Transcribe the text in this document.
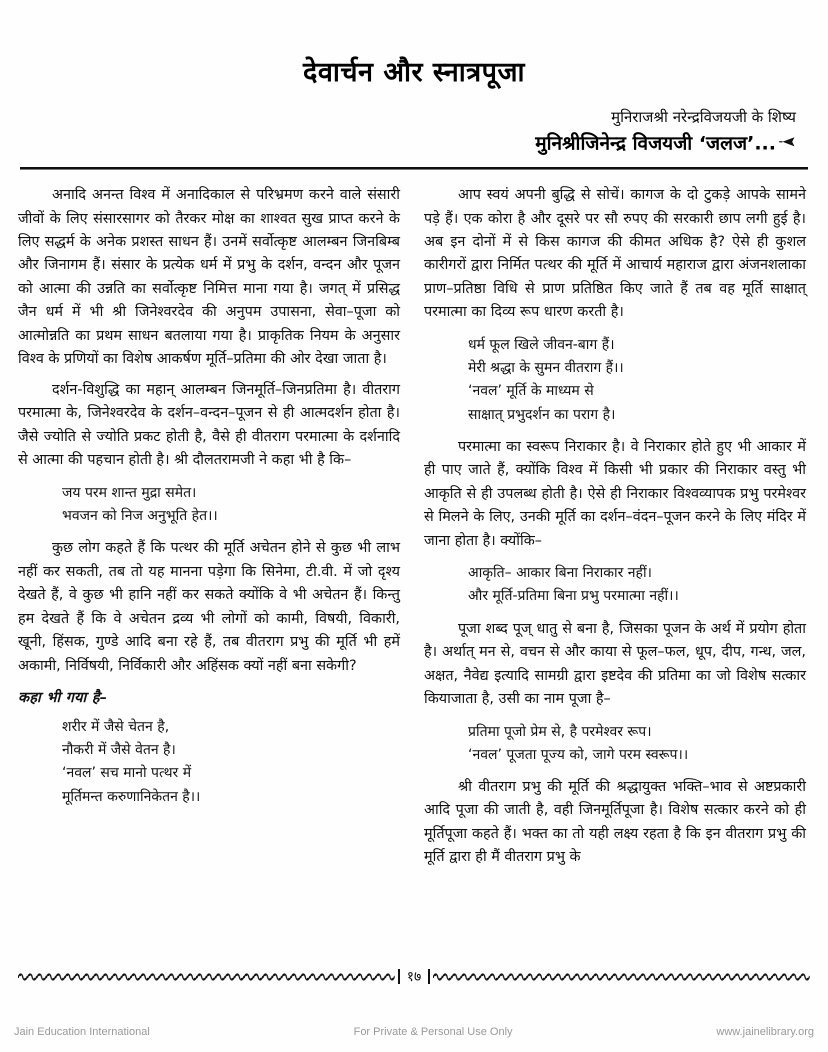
देवार्चन और स्नात्रपूजा

मुनिराजश्री नरेन्द्रविजयजी के शिष्य

मुनिश्रीजिनेन्द्र विजयजी ‘जलज’...

अनादि अनन्त विश्व में अनादिकाल से परिभ्रमण करने वाले संसारी जीवों के लिए संसारसागर को तैरकर मोक्ष का शाश्वत सुख प्राप्त करने के लिए सद्धर्म के अनेक प्रशस्त साधन हैं। उनमें सर्वोत्कृष्ट आलम्बन जिनबिम्ब और जिनागम हैं। संसार के प्रत्येक धर्म में प्रभु के दर्शन, वन्दन और पूजन को आत्मा की उन्नति का सर्वोत्कृष्ट निमित्त माना गया है। जगत् में प्रसिद्ध जैन धर्म में भी श्री जिनेश्वरदेव की अनुपम उपासना, सेवा–पूजा को आत्मोन्नति का प्रथम साधन बतलाया गया है। प्राकृतिक नियम के अनुसार विश्व के प्रणियों का विशेष आकर्षण मूर्ति–प्रतिमा की ओर देखा जाता है।

दर्शन-विशुद्धि का महान् आलम्बन जिनमूर्ति–जिनप्रतिमा है। वीतराग परमात्मा के, जिनेश्वरदेव के दर्शन–वन्दन–पूजन से ही आत्मदर्शन होता है। जैसे ज्योति से ज्योति प्रकट होती है, वैसे ही वीतराग परमात्मा के दर्शनादि से आत्मा की पहचान होती है। श्री दौलतरामजी ने कहा भी है कि–

जय परम शान्त मुद्रा समेत।
भवजन को निज अनुभूति हेत।।

कुछ लोग कहते हैं कि पत्थर की मूर्ति अचेतन होने से कुछ भी लाभ नहीं कर सकती, तब तो यह मानना पड़ेगा कि सिनेमा, टी.वी. में जो दृश्य देखते हैं, वे कुछ भी हानि नहीं कर सकते क्योंकि वे भी अचेतन हैं। किन्तु हम देखते हैं कि वे अचेतन द्रव्य भी लोगों को कामी, विषयी, विकारी, खूनी, हिंसक, गुण्डे आदि बना रहे हैं, तब वीतराग प्रभु की मूर्ति भी हमें अकामी, निर्विषयी, निर्विकारी और अहिंसक क्यों नहीं बना सकेगी?

कहा भी गया है–

शरीर में जैसे चेतन है,
नौकरी में जैसे वेतन है।
‘नवल’ सच मानो पत्थर में
मूर्तिमन्त करुणानिकेतन है।।

आप स्वयं अपनी बुद्धि से सोचें। कागज के दो टुकड़े आपके सामने पड़े हैं। एक कोरा है और दूसरे पर सौ रुपए की सरकारी छाप लगी हुई है। अब इन दोनों में से किस कागज की कीमत अधिक है? ऐसे ही कुशल कारीगरों द्वारा निर्मित पत्थर की मूर्ति में आचार्य महाराज द्वारा अंजनशलाका प्राण–प्रतिष्ठा विधि से प्राण प्रतिष्ठित किए जाते हैं तब वह मूर्ति साक्षात् परमात्मा का दिव्य रूप धारण करती है।

धर्म फूल खिले जीवन-बाग हैं।
मेरी श्रद्धा के सुमन वीतराग हैं।।
‘नवल’ मूर्ति के माध्यम से
साक्षात् प्रभुदर्शन का पराग है।

परमात्मा का स्वरूप निराकार है। वे निराकार होते हुए भी आकार में ही पाए जाते हैं, क्योंकि विश्व में किसी भी प्रकार की निराकार वस्तु भी आकृति से ही उपलब्ध होती है। ऐसे ही निराकार विश्वव्यापक प्रभु परमेश्वर से मिलने के लिए, उनकी मूर्ति का दर्शन–वंदन–पूजन करने के लिए मंदिर में जाना होता है। क्योंकि–

आकृति– आकार बिना निराकार नहीं।
और मूर्ति-प्रतिमा बिना प्रभु परमात्मा नहीं।।

पूजा शब्द पूज् धातु से बना है, जिसका पूजन के अर्थ में प्रयोग होता है। अर्थात् मन से, वचन से और काया से फूल–फल, धूप, दीप, गन्ध, जल, अक्षत, नैवेद्य इत्यादि सामग्री द्वारा इष्टदेव की प्रतिमा का जो विशेष सत्कार कियाजाता है, उसी का नाम पूजा है–

प्रतिमा पूजो प्रेम से, है परमेश्वर रूप।
‘नवल’ पूजता पूज्य को, जागे परम स्वरूप।।

श्री वीतराग प्रभु की मूर्ति की श्रद्धायुक्त भक्ति–भाव से अष्टप्रकारी आदि पूजा की जाती है, वही जिनमूर्तिपूजा है। विशेष सत्कार करने को ही मूर्तिपूजा कहते हैं। भक्त का तो यही लक्ष्य रहता है कि इन वीतराग प्रभु की मूर्ति द्वारा ही मैं वीतराग प्रभु के

१७
Jain Education International	For Private & Personal Use Only	www.jainelibrary.org
